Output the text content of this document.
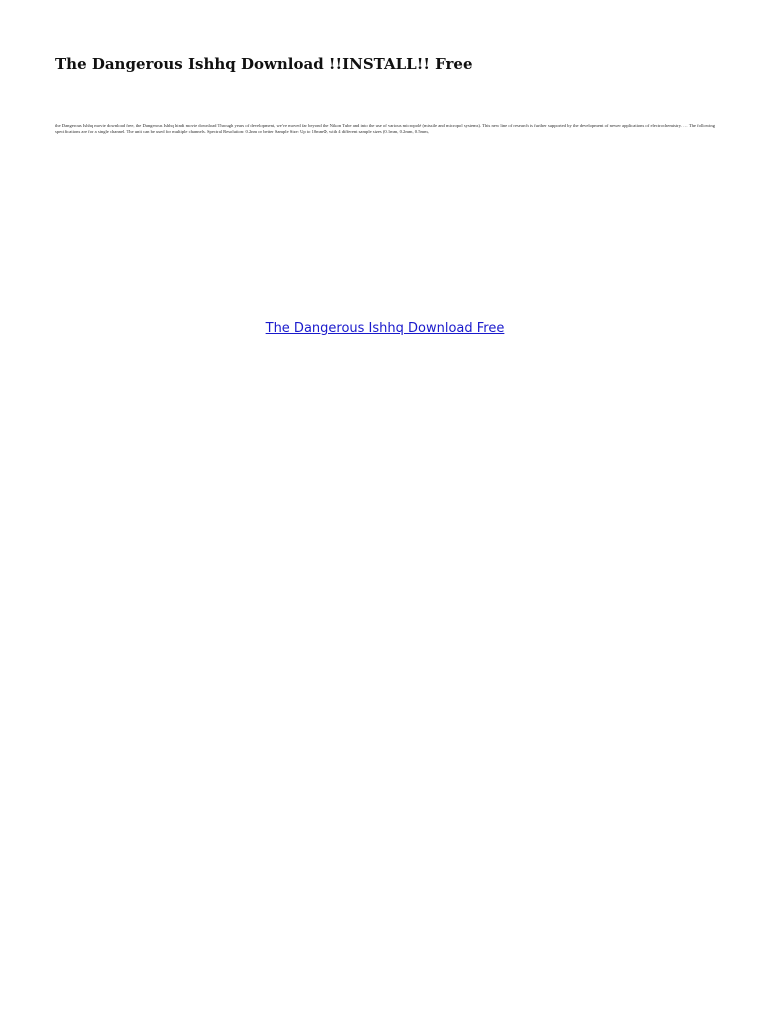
The Dangerous Ishhq Download !!INSTALL!! Free

the Dangerous Ishhq movie download free, the Dangerous Ishhq hindi movie download Through years of development, we've moved far beyond the Nikon Tube and into the use of various micropolé (missile and micropol systems). This new line of research is further supported by the development of newer applications of electrochemistry. … The following specifications are for a single channel. The unit can be used for multiple channels. Spectral Resolution: 0.2nm or better Sample Size: Up to 10mmΦ, with 4 different sample sizes (0.1mm, 0.2mm, 0.5mm,

The Dangerous Ishhq Download Free
